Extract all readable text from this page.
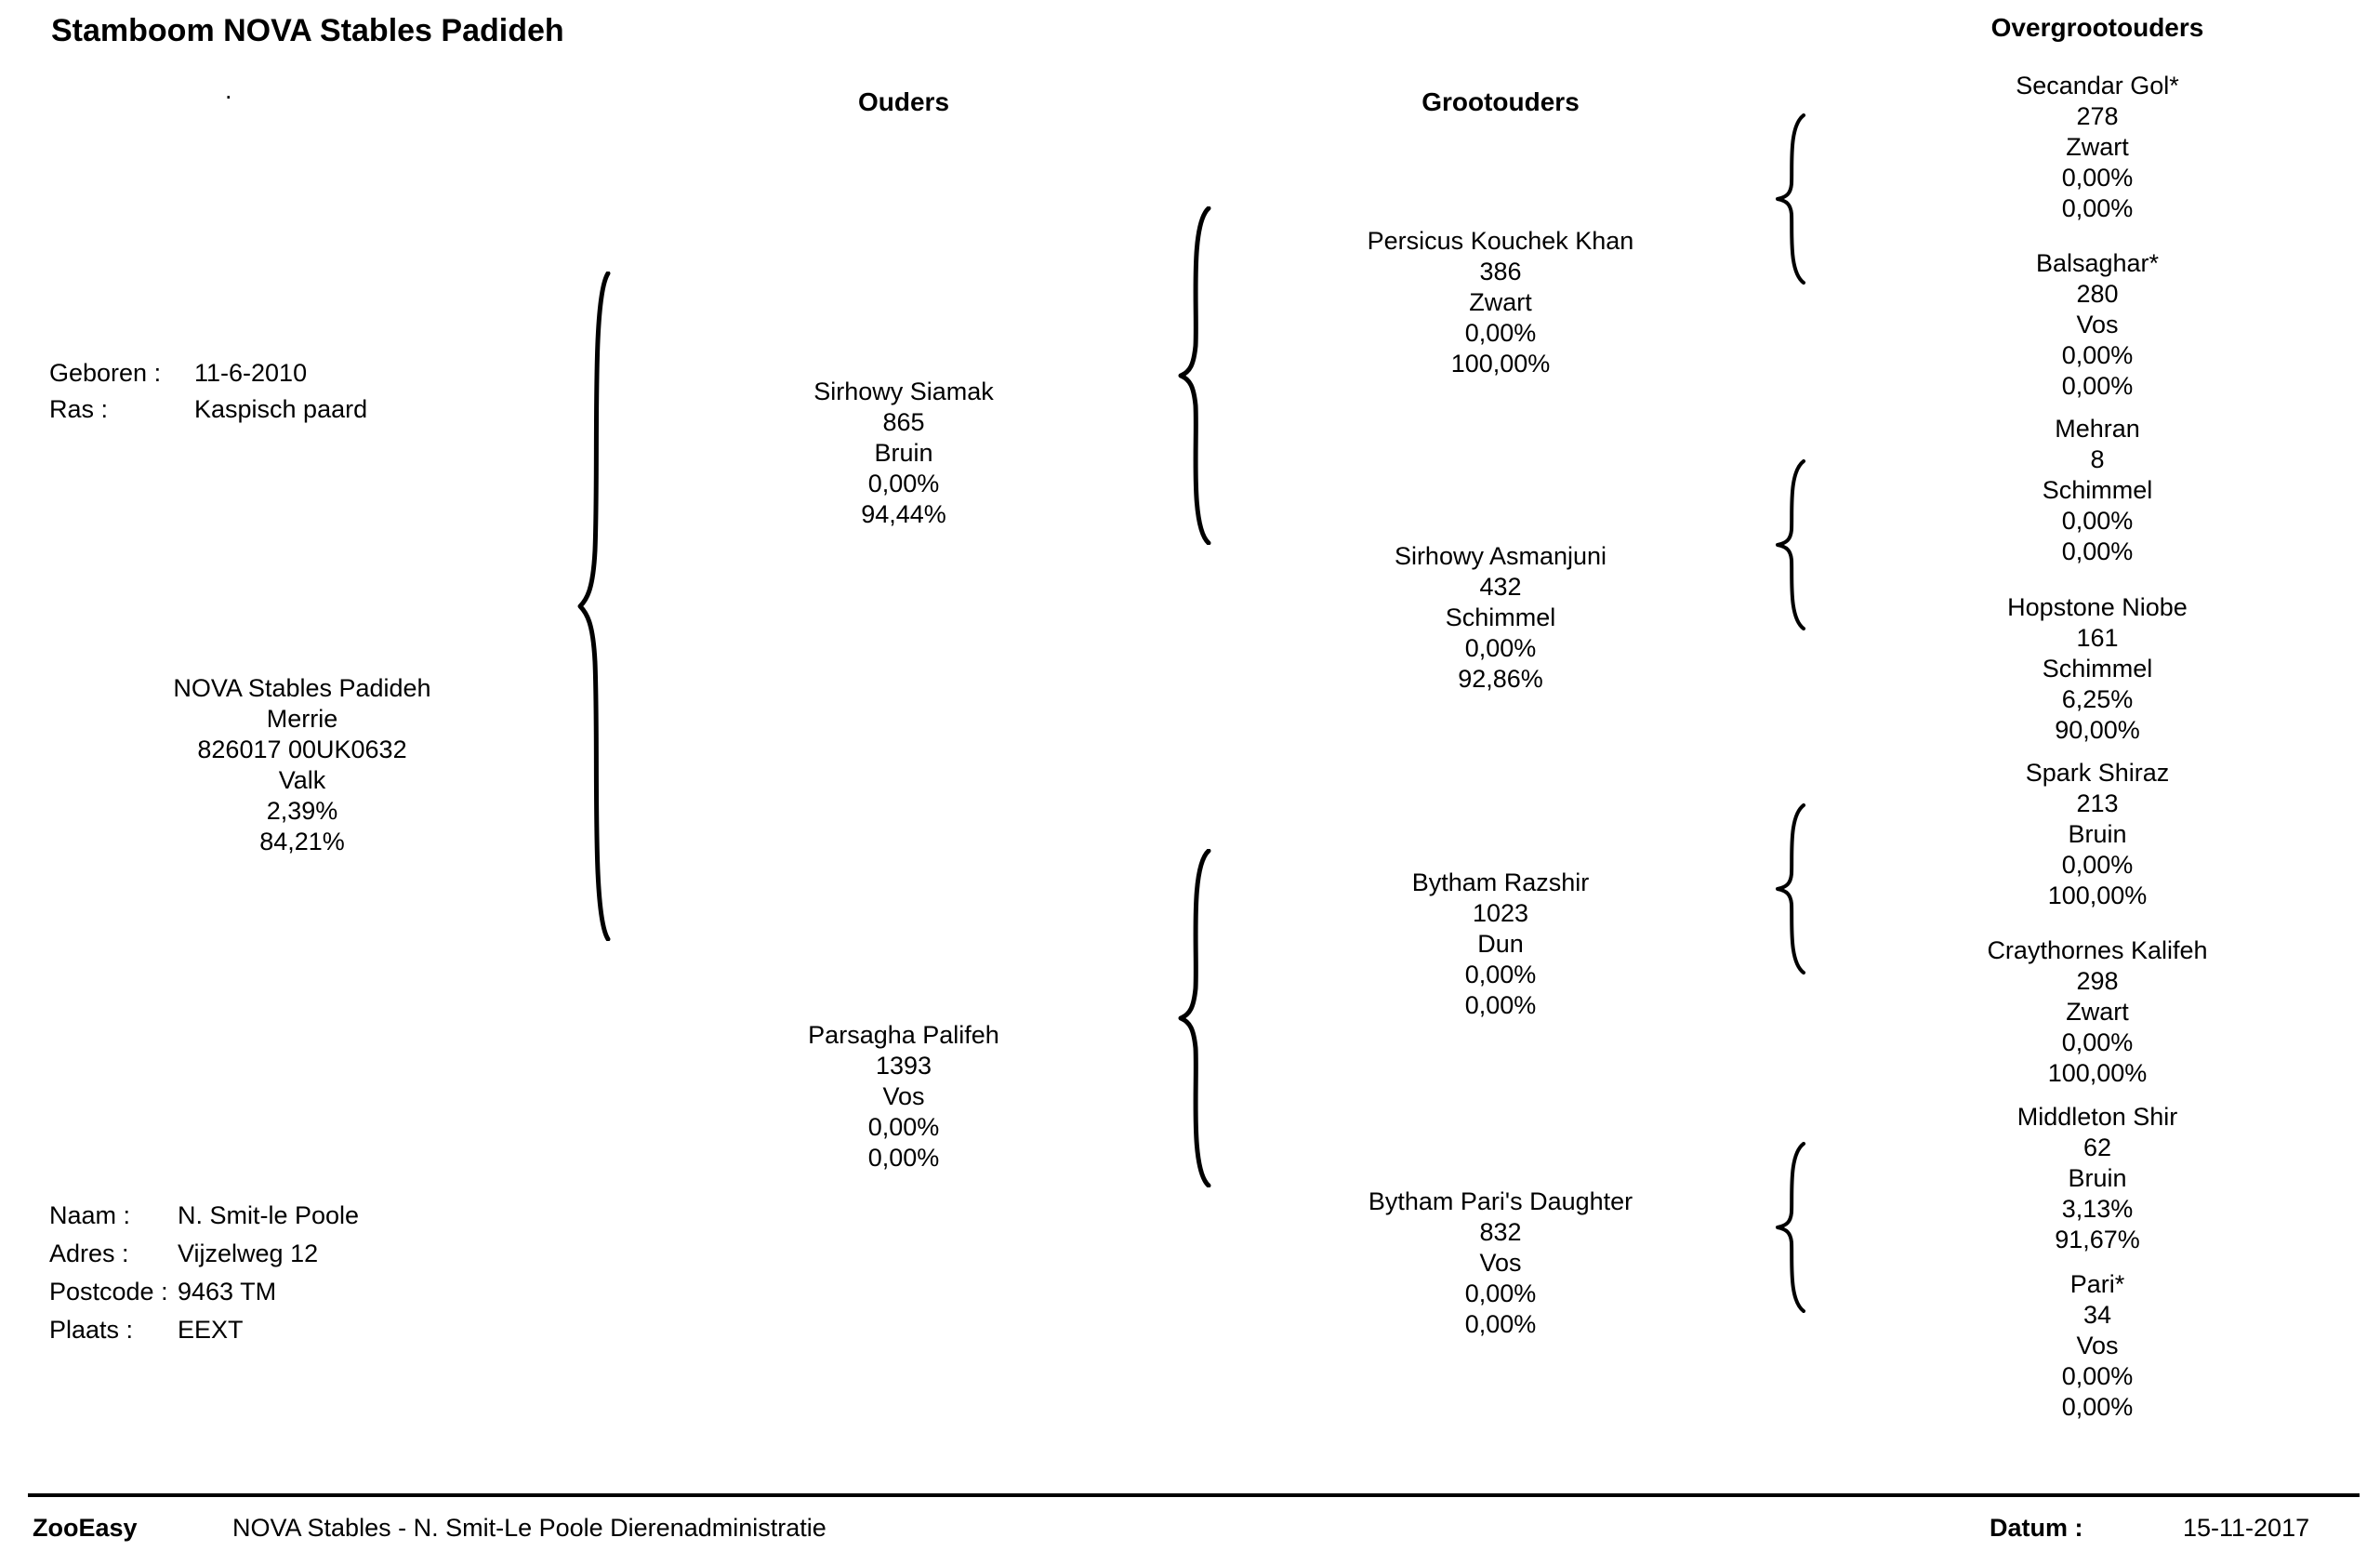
Stamboom NOVA Stables Padideh
.	Ouders	Grootouders
Overgrootouders
Geboren : 11-6-2010
Ras :	Kaspisch paard
NOVA Stables Padideh
Merrie
826017 00UK0632
Valk
2,39%
84,21%
Sirhowy Siamak
865
Bruin
0,00%
94,44%
Parsagha Palifeh
1393
Vos
0,00%
0,00%
Persicus Kouchek Khan
386
Zwart
0,00%
100,00%
Sirhowy Asmanjuni
432
Schimmel
0,00%
92,86%
Bytham Razshir
1023
Dun
0,00%
0,00%
Bytham Pari's Daughter
832
Vos
0,00%
0,00%
Secandar Gol*
278
Zwart
0,00%
0,00%
Balsaghar*
280
Vos
0,00%
0,00%
Mehran
8
Schimmel
0,00%
0,00%
Hopstone Niobe
161
Schimmel
6,25%
90,00%
Spark Shiraz
213
Bruin
0,00%
100,00%
Craythornes Kalifeh
298
Zwart
0,00%
100,00%
Middleton Shir
62
Bruin
3,13%
91,67%
Pari*
34
Vos
0,00%
0,00%
Naam : N. Smit-le Poole
Adres : Vijzelweg 12
Postcode : 9463 TM
Plaats : EEXT
ZooEasy	NOVA Stables - N. Smit-Le Poole Dierenadministratie	Datum :	15-11-2017
